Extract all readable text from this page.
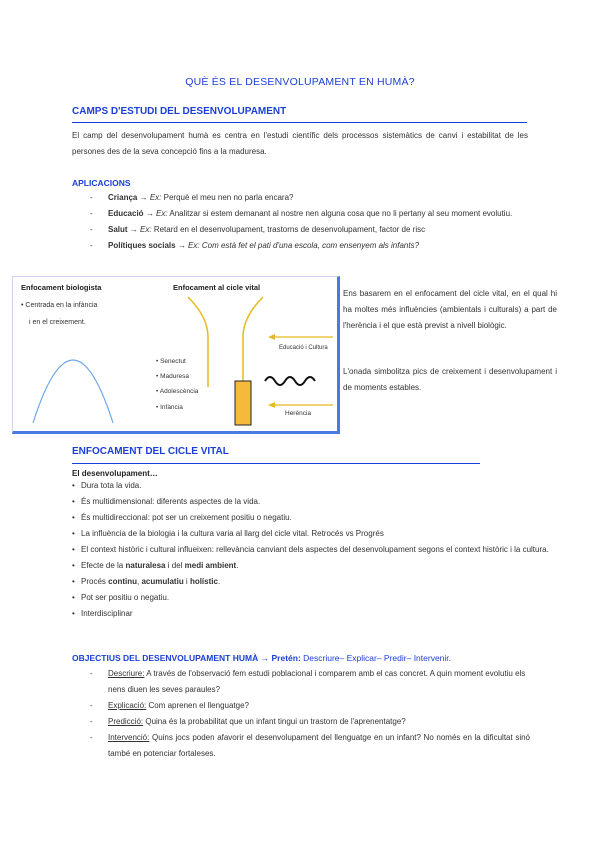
QUÈ ÉS EL DESENVOLUPAMENT EN HUMÀ?
CAMPS D'ESTUDI DEL DESENVOLUPAMENT
El camp del desenvolupament humà es centra en l'estudi científic dels processos sistemàtics de canvi i estabilitat de les persones des de la seva concepció fins a la maduresa.
APLICACIONS
- Criança → Ex: Perquè el meu nen no parla encara?
- Educació → Ex: Analitzar si estem demanant al nostre nen alguna cosa que no li pertany al seu moment evolutiu.
- Salut → Ex: Retard en el desenvolupament, trastorns de desenvolupament, factor de risc
- Polítiques socials → Ex: Com està fet el pati d'una escola, com ensenyem als infants?
Enfocament biologista
• Centrada en la infància
i en el creixement.
Enfocament al cicle vital
• Senectut
• Maduresa
• Adolescència
• Infància
Educació i Cultura
Herència
Ens basarem en el enfocament del cicle vital, en el qual hi ha moltes més influències (ambientals i culturals) a part de l'herència i el que està previst a nivell biològic.
L'onada simbolitza pics de creixement i desenvolupament i de moments estables.
ENFOCAMENT DEL CICLE VITAL
El desenvolupament…
• Dura tota la vida.
• És multidimensional: diferents aspectes de la vida.
• És multidireccional: pot ser un creixement positiu o negatiu.
• La influència de la biologia i la cultura varia al llarg del cicle vital. Retrocés vs Progrés
• El context històric i cultural influeixen: rellevància canviant dels aspectes del desenvolupament segons el context històric i la cultura.
• Efecte de la naturalesa i del medi ambient.
• Procés continu, acumulatiu i holístic.
• Pot ser positiu o negatiu.
• Interdisciplinar
OBJECTIUS DEL DESENVOLUPAMENT HUMÀ → Pretén: Descriure– Explicar– Predir– Intervenir.
- Descriure: A través de l'observació fem estudi poblacional i comparem amb el cas concret. A quin moment evolutiu els nens diuen les seves paraules?
- Explicació: Com aprenen el llenguatge?
- Predicció: Quina és la probabilitat que un infant tingui un trastorn de l'aprenentatge?
- Intervenció: Quins jocs poden afavorir el desenvolupament del llenguatge en un infant? No només en la dificultat sinó també en potenciar fortaleses.
